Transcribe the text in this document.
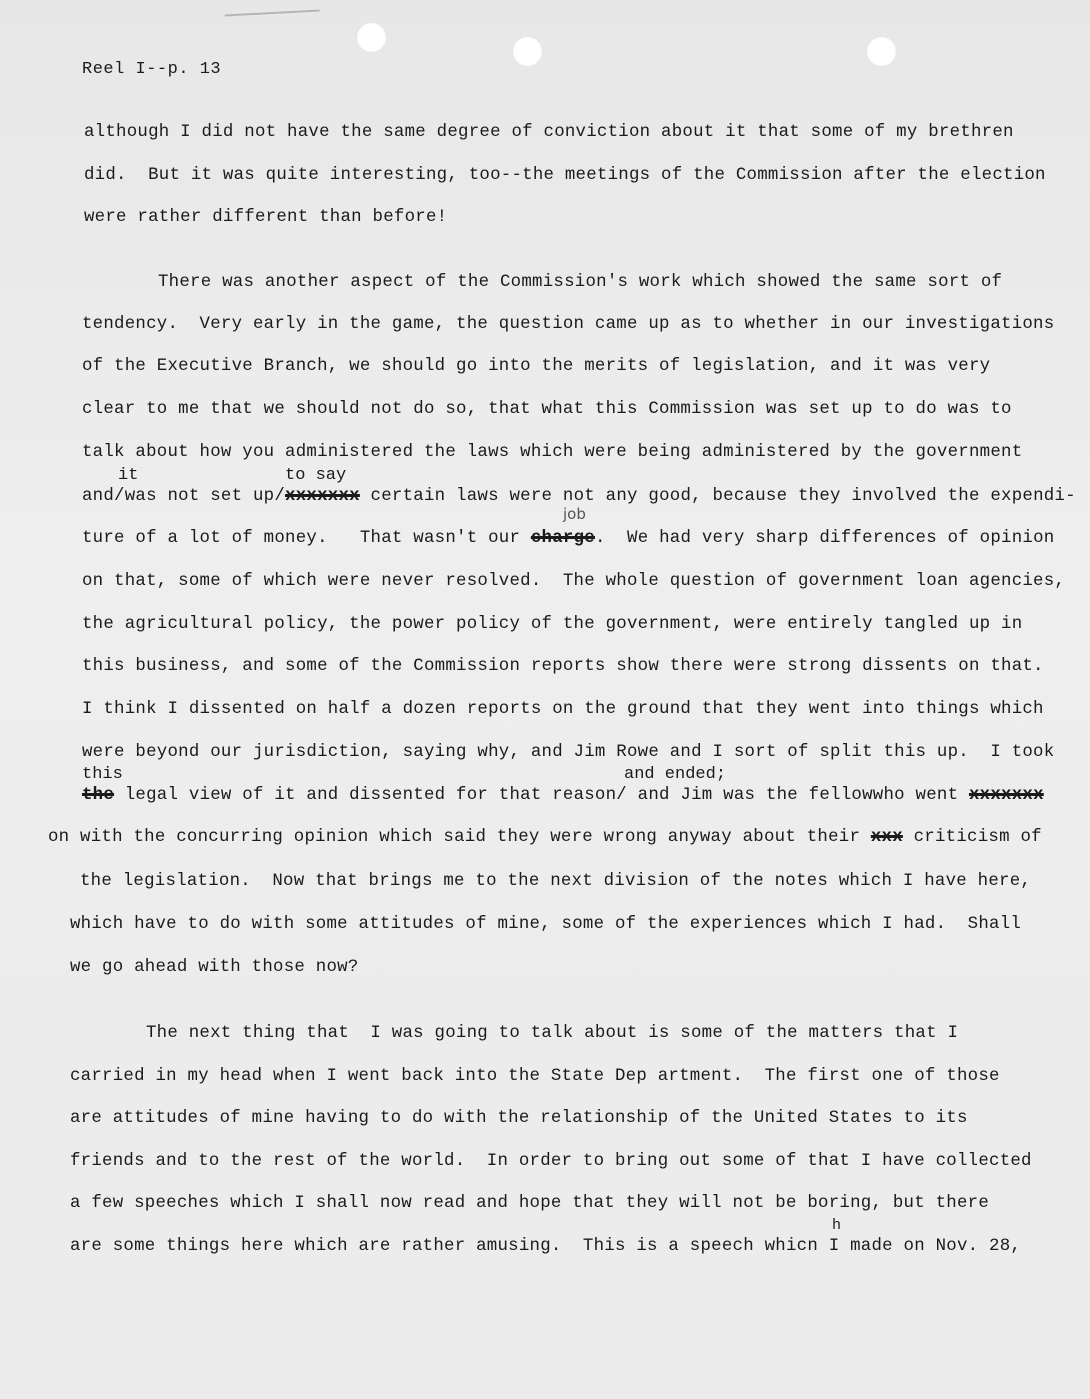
Reel I--p. 13
although I did not have the same degree of conviction about it that some of my brethren
did.  But it was quite interesting, too--the meetings of the Commission after the election
were rather different than before!
There was another aspect of the Commission's work which showed the same sort of
tendency.  Very early in the game, the question came up as to whether in our investigations
of the Executive Branch, we should go into the merits of legislation, and it was very
clear to me that we should not do so, that what this Commission was set up to do was to
talk about how you administered the laws which were being administered by the government
it	to say
and/was not set up/xxxxxxx certain laws were not any good, because they involved the expendi-
job
ture of a lot of money.   That wasn't our charge.  We had very sharp differences of opinion
on that, some of which were never resolved.  The whole question of government loan agencies,
the agricultural policy, the power policy of the government, were entirely tangled up in
this business, and some of the Commission reports show there were strong dissents on that.
I think I dissented on half a dozen reports on the ground that they went into things which
were beyond our jurisdiction, saying why, and Jim Rowe and I sort of split this up.  I took
this	and ended;
the legal view of it and dissented for that reason/ and Jim was the fellowwho went xxxxxxx
on with the concurring opinion which said they were wrong anyway about their xxx criticism of
the legislation.  Now that brings me to the next division of the notes which I have here,
which have to do with some attitudes of mine, some of the experiences which I had.  Shall
we go ahead with those now?
The next thing that  I was going to talk about is some of the matters that I
carried in my head when I went back into the State Dep artment.  The first one of those
are attitudes of mine having to do with the relationship of the United States to its
friends and to the rest of the world.  In order to bring out some of that I have collected
a few speeches which I shall now read and hope that they will not be boring, but there
h
are some things here which are rather amusing.  This is a speech whicn I made on Nov. 28,
